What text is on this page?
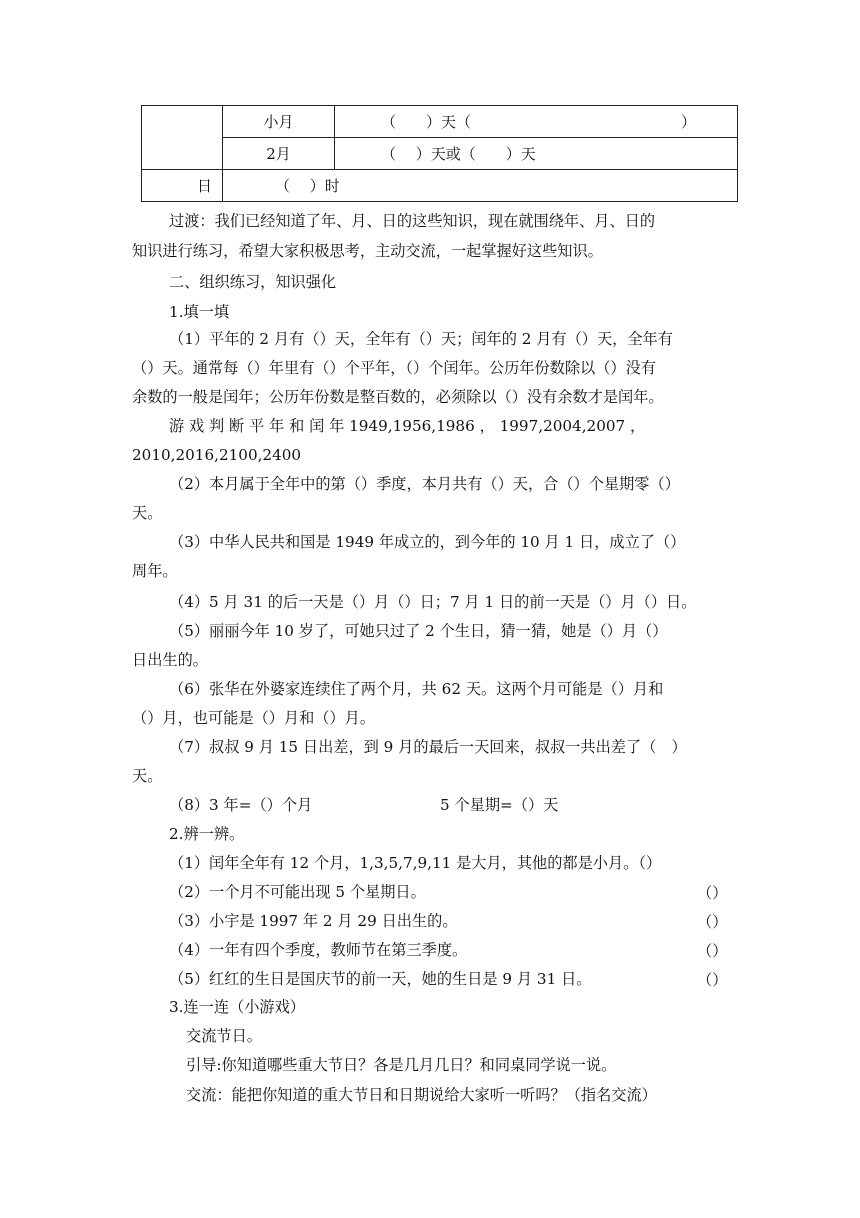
	小月	（　　）天（　　　　　　　　　　　　　　）
	2月	（　 ）天或（　　）天
日	（　 ）时	
过渡：我们已经知道了年、月、日的这些知识，现在就围绕年、月、日的
知识进行练习，希望大家积极思考，主动交流，一起掌握好这些知识。
二、组织练习，知识强化
1.填一填
（1）平年的 2 月有（）天，全年有（）天；闰年的 2 月有（）天，全年有
（）天。通常每（）年里有（）个平年，（）个闰年。公历年份数除以（）没有
余数的一般是闰年；公历年份数是整百数的，必须除以（）没有余数才是闰年。
游 戏 判 断 平 年 和 闰 年 1949,1956,1986 ， 1997,2004,2007 ，
2010,2016,2100,2400
（2）本月属于全年中的第（）季度，本月共有（）天，合（）个星期零（）
天。
（3）中华人民共和国是 1949 年成立的，到今年的 10 月 1 日，成立了（）
周年。
（4）5 月 31 的后一天是（）月（）日；7 月 1 日的前一天是（）月（）日。
（5）丽丽今年 10 岁了，可她只过了 2 个生日，猜一猜，她是（）月（）
日出生的。
（6）张华在外婆家连续住了两个月，共 62 天。这两个月可能是（）月和
（）月，也可能是（）月和（）月。
（7）叔叔 9 月 15 日出差，到 9 月的最后一天回来，叔叔一共出差了（　）
天。
（8）3 年=（）个月	5 个星期=（）天
2.辨一辨。
（1）闰年全年有 12 个月，1,3,5,7,9,11 是大月，其他的都是小月。（）
（2）一个月不可能出现 5 个星期日。	（）
（3）小宇是 1997 年 2 月 29 日出生的。	（）
（4）一年有四个季度，教师节在第三季度。	（）
（5）红红的生日是国庆节的前一天，她的生日是 9 月 31 日。	（）
3.连一连（小游戏）
交流节日。
引导:你知道哪些重大节日？各是几月几日？和同桌同学说一说。
交流：能把你知道的重大节日和日期说给大家听一听吗？（指名交流）
